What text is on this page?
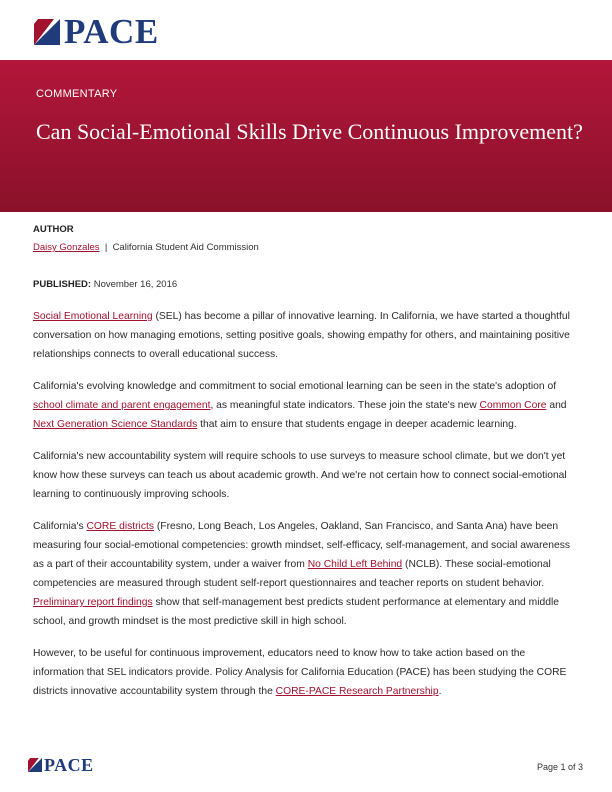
PACE
COMMENTARY
Can Social-Emotional Skills Drive Continuous Improvement?
AUTHOR
Daisy Gonzales | California Student Aid Commission
PUBLISHED: November 16, 2016

Social Emotional Learning (SEL) has become a pillar of innovative learning. In California, we have started a thoughtful conversation on how managing emotions, setting positive goals, showing empathy for others, and maintaining positive relationships connects to overall educational success.

California's evolving knowledge and commitment to social emotional learning can be seen in the state's adoption of school climate and parent engagement, as meaningful state indicators. These join the state's new Common Core and Next Generation Science Standards that aim to ensure that students engage in deeper academic learning.

California's new accountability system will require schools to use surveys to measure school climate, but we don't yet know how these surveys can teach us about academic growth. And we're not certain how to connect social-emotional learning to continuously improving schools.

California's CORE districts (Fresno, Long Beach, Los Angeles, Oakland, San Francisco, and Santa Ana) have been measuring four social-emotional competencies: growth mindset, self-efficacy, self-management, and social awareness as a part of their accountability system, under a waiver from No Child Left Behind (NCLB). These social-emotional competencies are measured through student self-report questionnaires and teacher reports on student behavior. Preliminary report findings show that self-management best predicts student performance at elementary and middle school, and growth mindset is the most predictive skill in high school.

However, to be useful for continuous improvement, educators need to know how to take action based on the information that SEL indicators provide. Policy Analysis for California Education (PACE) has been studying the CORE districts innovative accountability system through the CORE-PACE Research Partnership.

PACE	Page 1 of 3
